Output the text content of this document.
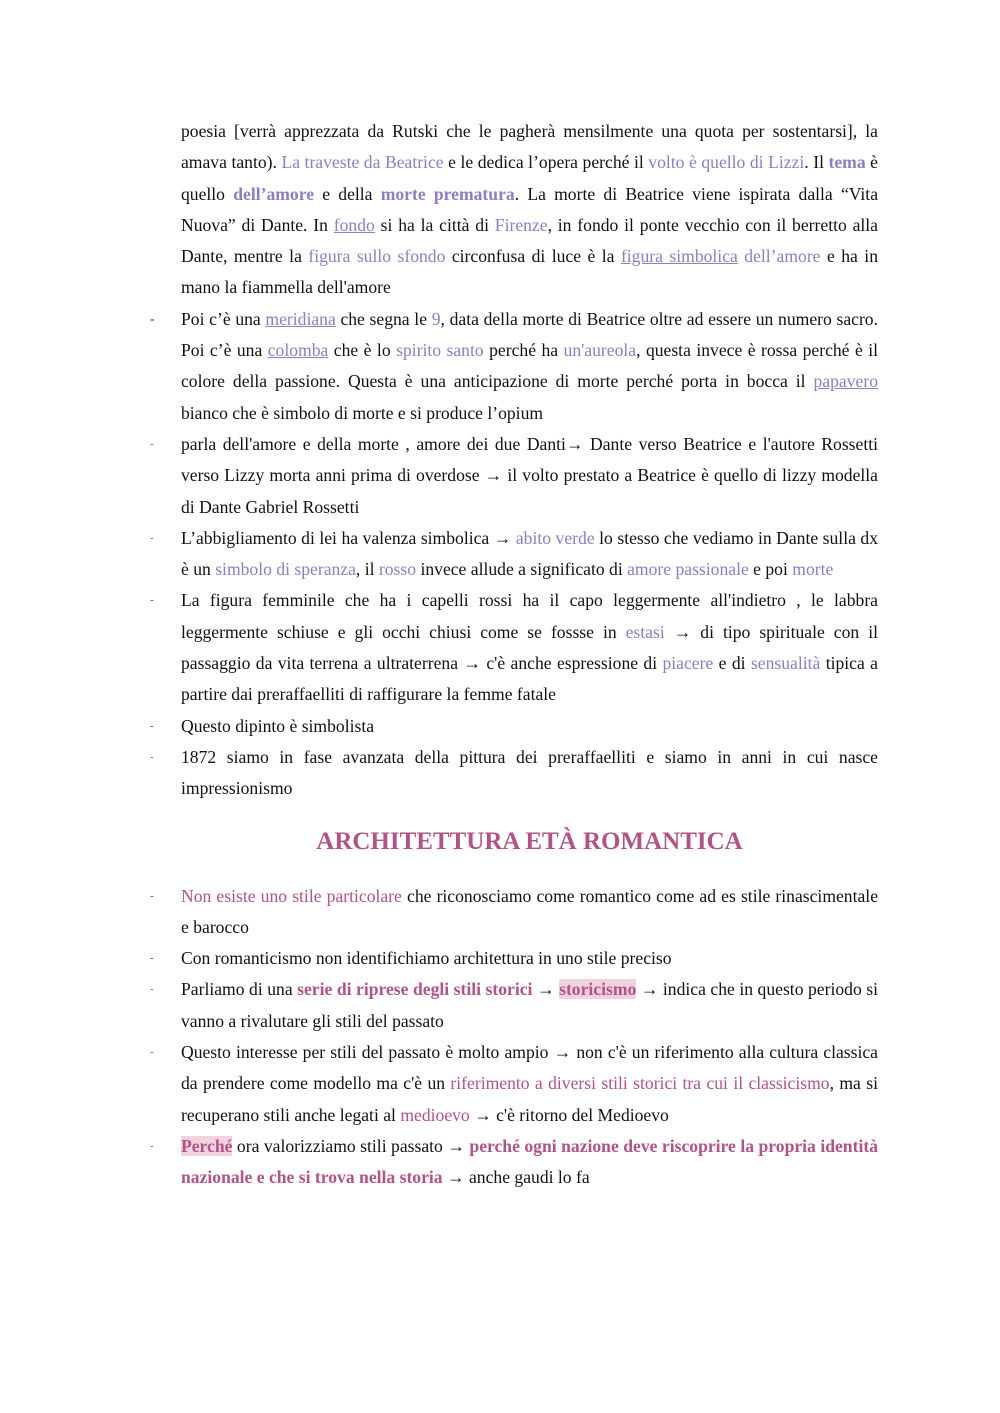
poesia [verrà apprezzata da Rutski che le pagherà mensilmente una quota per sostentarsi], la amava tanto). La traveste da Beatrice e le dedica l’opera perché il volto è quello di Lizzi. Il tema è quello dell’amore e della morte prematura. La morte di Beatrice viene ispirata dalla “Vita Nuova” di Dante. In fondo si ha la città di Firenze, in fondo il ponte vecchio con il berretto alla Dante, mentre la figura sullo sfondo circonfusa di luce è la figura simbolica dell’amore e ha in mano la fiammella dell'amore

- Poi c’è una meridiana che segna le 9, data della morte di Beatrice oltre ad essere un numero sacro. Poi c’è una colomba che è lo spirito santo perché ha un'aureola, questa invece è rossa perché è il colore della passione. Questa è una anticipazione di morte perché porta in bocca il papavero bianco che è simbolo di morte e si produce l’opium
- parla dell'amore e della morte , amore dei due Danti→ Dante verso Beatrice e l'autore Rossetti verso Lizzy morta anni prima di overdose → il volto prestato a Beatrice è quello di lizzy modella di Dante Gabriel Rossetti
- L’abbigliamento di lei ha valenza simbolica → abito verde lo stesso che vediamo in Dante sulla dx è un simbolo di speranza, il rosso invece allude a significato di amore passionale e poi morte
- La figura femminile che ha i capelli rossi ha il capo leggermente all'indietro , le labbra leggermente schiuse e gli occhi chiusi come se fossse in estasi → di tipo spirituale con il passaggio da vita terrena a ultraterrena → c'è anche espressione di piacere e di sensualità tipica a partire dai preraffaelliti di raffigurare la femme fatale
- Questo dipinto è simbolista
- 1872 siamo in fase avanzata della pittura dei preraffaelliti e siamo in anni in cui nasce impressionismo
ARCHITETTURA ETÀ ROMANTICA
- Non esiste uno stile particolare che riconosciamo come romantico come ad es stile rinascimentale e barocco
- Con romanticismo non identifichiamo architettura in uno stile preciso
- Parliamo di una serie di riprese degli stili storici → storicismo → indica che in questo periodo si vanno a rivalutare gli stili del passato
- Questo interesse per stili del passato è molto ampio → non c'è un riferimento alla cultura classica da prendere come modello ma c'è un riferimento a diversi stili storici tra cui il classicismo, ma si recuperano stili anche legati al medioevo → c'è ritorno del Medioevo
- Perché ora valorizziamo stili passato → perché ogni nazione deve riscoprire la propria identità nazionale e che si trova nella storia → anche gaudi lo fa
